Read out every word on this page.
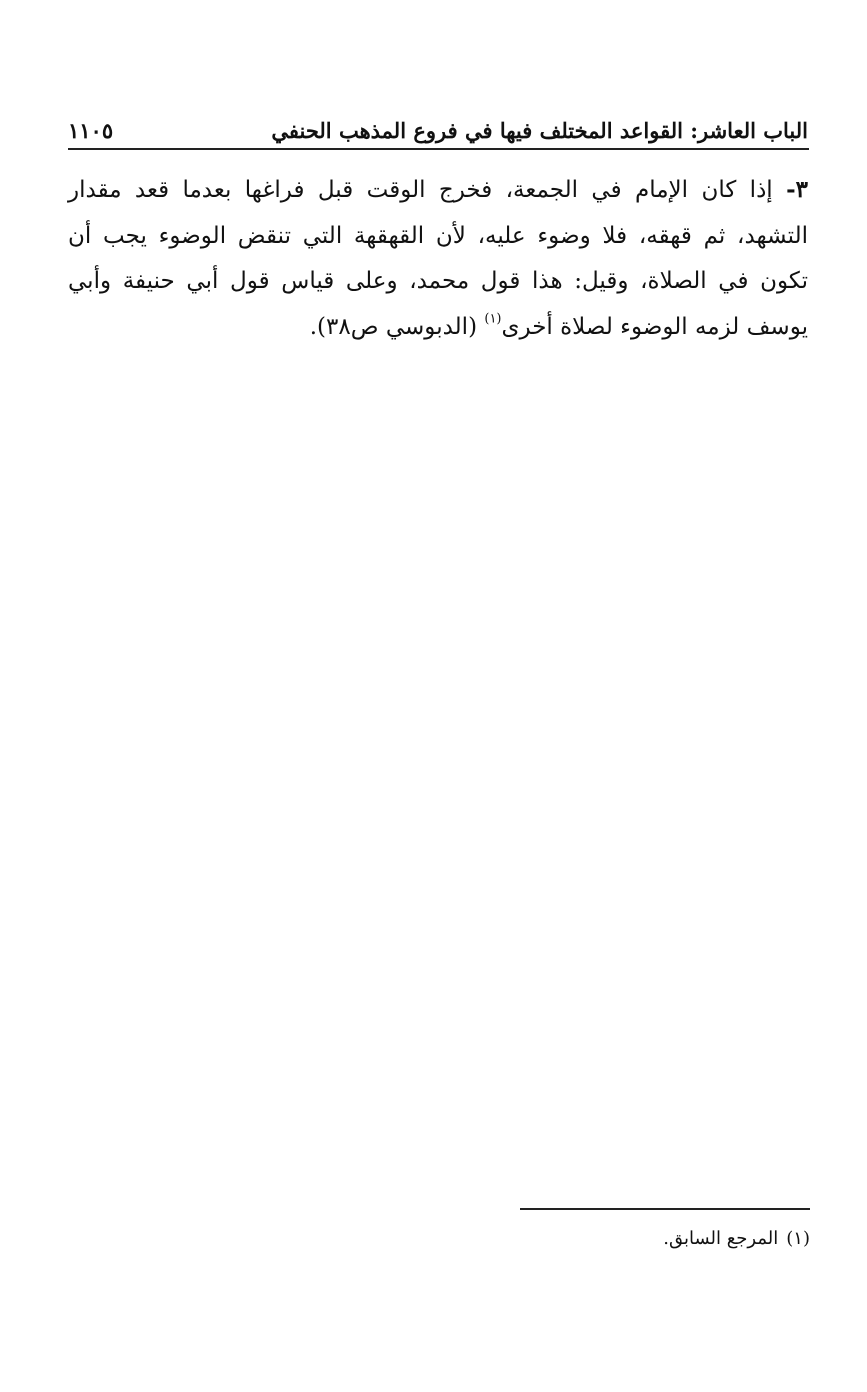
الباب العاشر: القواعد المختلف فيها في فروع المذهب الحنفي
١١٠٥

٣- إذا كان الإمام في الجمعة، فخرج الوقت قبل فراغها بعدما قعد مقدار التشهد، ثم قهقه، فلا وضوء عليه، لأن القهقهة التي تنقض الوضوء يجب أن تكون في الصلاة، وقيل: هذا قول محمد، وعلى قياس قول أبي حنيفة وأبي يوسف لزمه الوضوء لصلاة أخرى$^{(١)}$ (الدبوسي ص٣٨).

(١)المرجع السابق.
